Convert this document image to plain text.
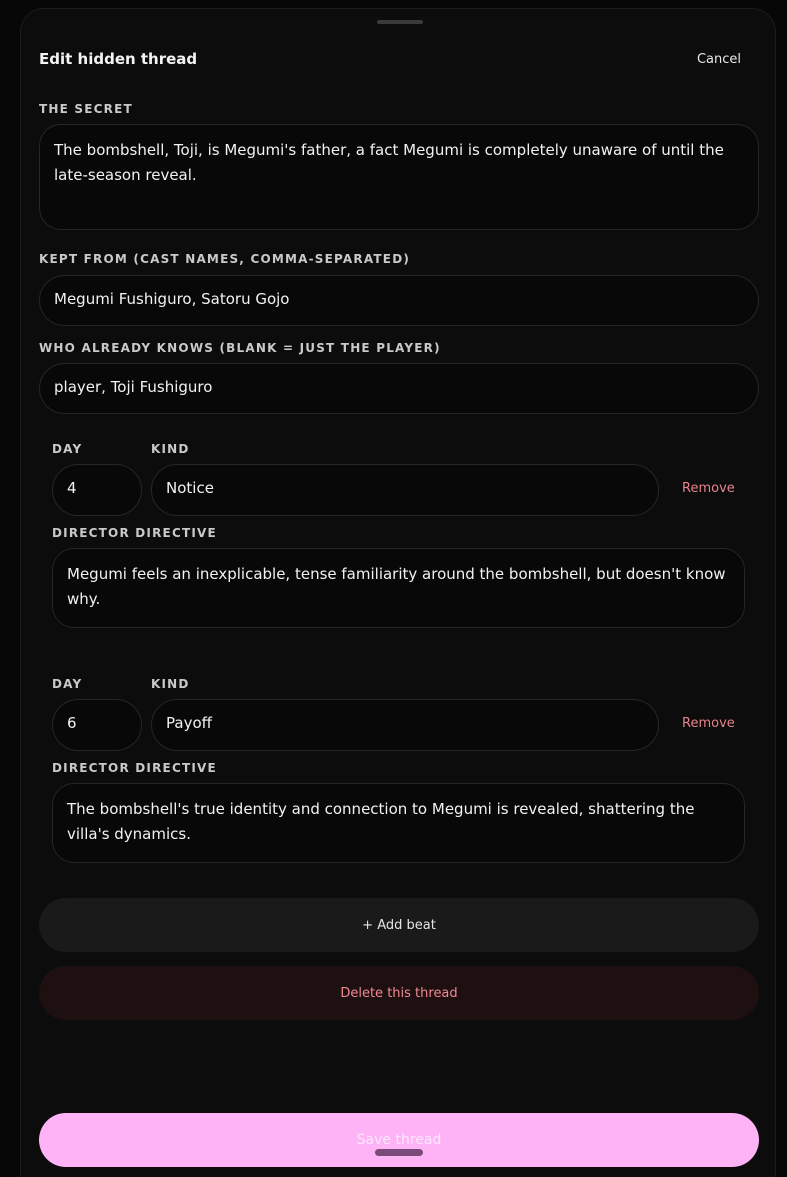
Edit hidden thread	Cancel
THE SECRET
The bombshell, Toji, is Megumi's father, a fact Megumi is completely unaware of until the late-season reveal.
KEPT FROM (CAST NAMES, COMMA-SEPARATED)
Megumi Fushiguro, Satoru Gojo
WHO ALREADY KNOWS (BLANK = JUST THE PLAYER)
player, Toji Fushiguro
DAY	KIND
4	Notice	Remove
DIRECTOR DIRECTIVE
Megumi feels an inexplicable, tense familiarity around the bombshell, but doesn't know why.
DAY	KIND
6	Payoff	Remove
DIRECTOR DIRECTIVE
The bombshell's true identity and connection to Megumi is revealed, shattering the villa's dynamics.
+ Add beat
Delete this thread
Save thread
